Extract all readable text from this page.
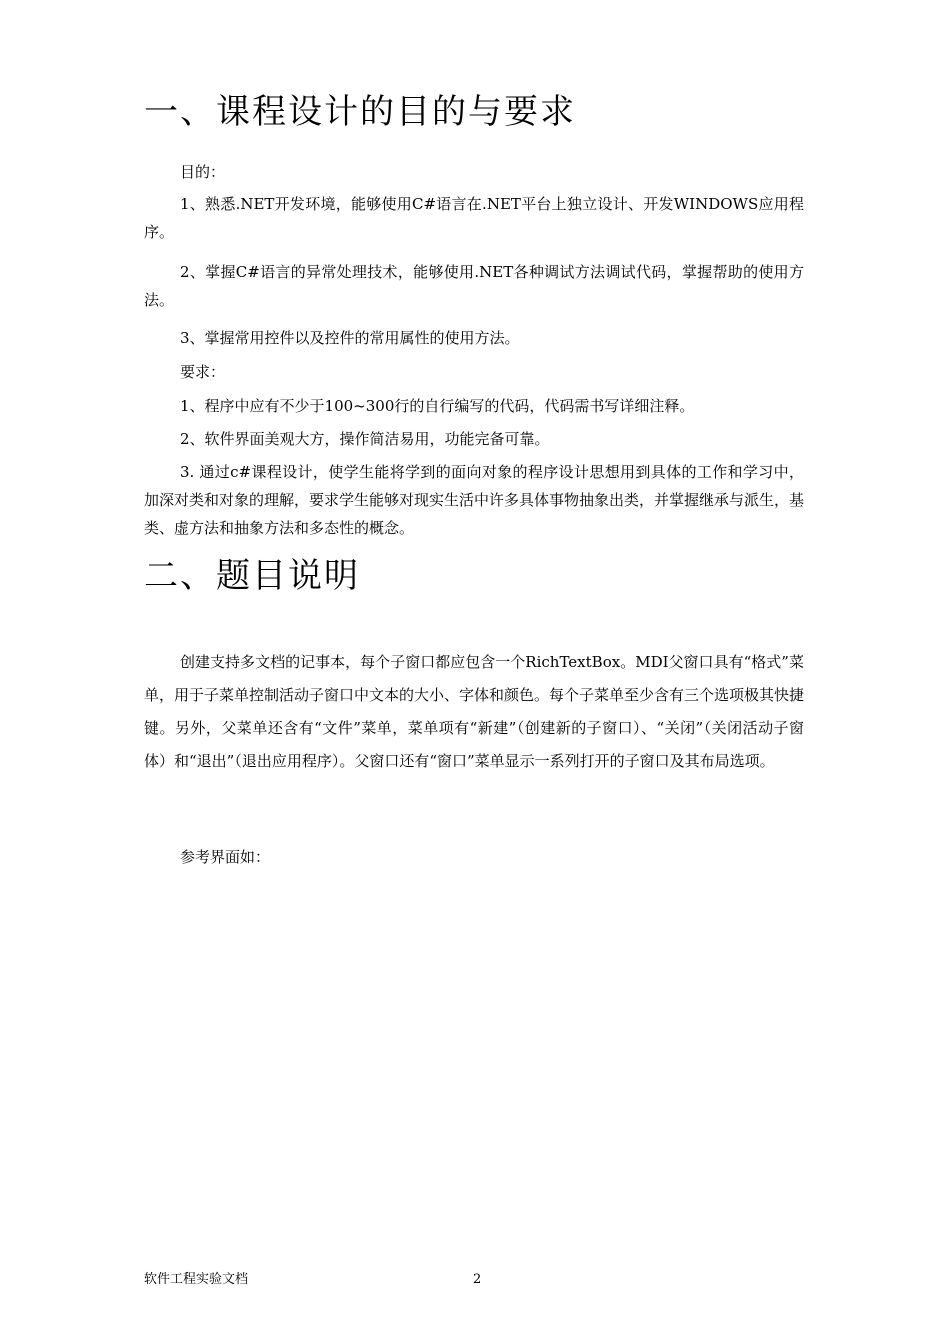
一、课程设计的目的与要求

目的：

1、熟悉.NET开发环境，能够使用C#语言在.NET平台上独立设计、开发WINDOWS应用程序。

2、掌握C#语言的异常处理技术，能够使用.NET各种调试方法调试代码，掌握帮助的使用方法。

3、掌握常用控件以及控件的常用属性的使用方法。

要求：

1、程序中应有不少于100~300行的自行编写的代码，代码需书写详细注释。

2、软件界面美观大方，操作简洁易用，功能完备可靠。

3. 通过c#课程设计，使学生能将学到的面向对象的程序设计思想用到具体的工作和学习中，加深对类和对象的理解，要求学生能够对现实生活中许多具体事物抽象出类，并掌握继承与派生，基类、虚方法和抽象方法和多态性的概念。

二、题目说明

创建支持多文档的记事本，每个子窗口都应包含一个RichTextBox。MDI父窗口具有“格式”菜单，用于子菜单控制活动子窗口中文本的大小、字体和颜色。每个子菜单至少含有三个选项极其快捷键。另外，父菜单还含有“文件”菜单，菜单项有“新建”（创建新的子窗口）、“关闭”（关闭活动子窗体）和“退出”（退出应用程序）。父窗口还有“窗口”菜单显示一系列打开的子窗口及其布局选项。

参考界面如：

软件工程实验文档	2
